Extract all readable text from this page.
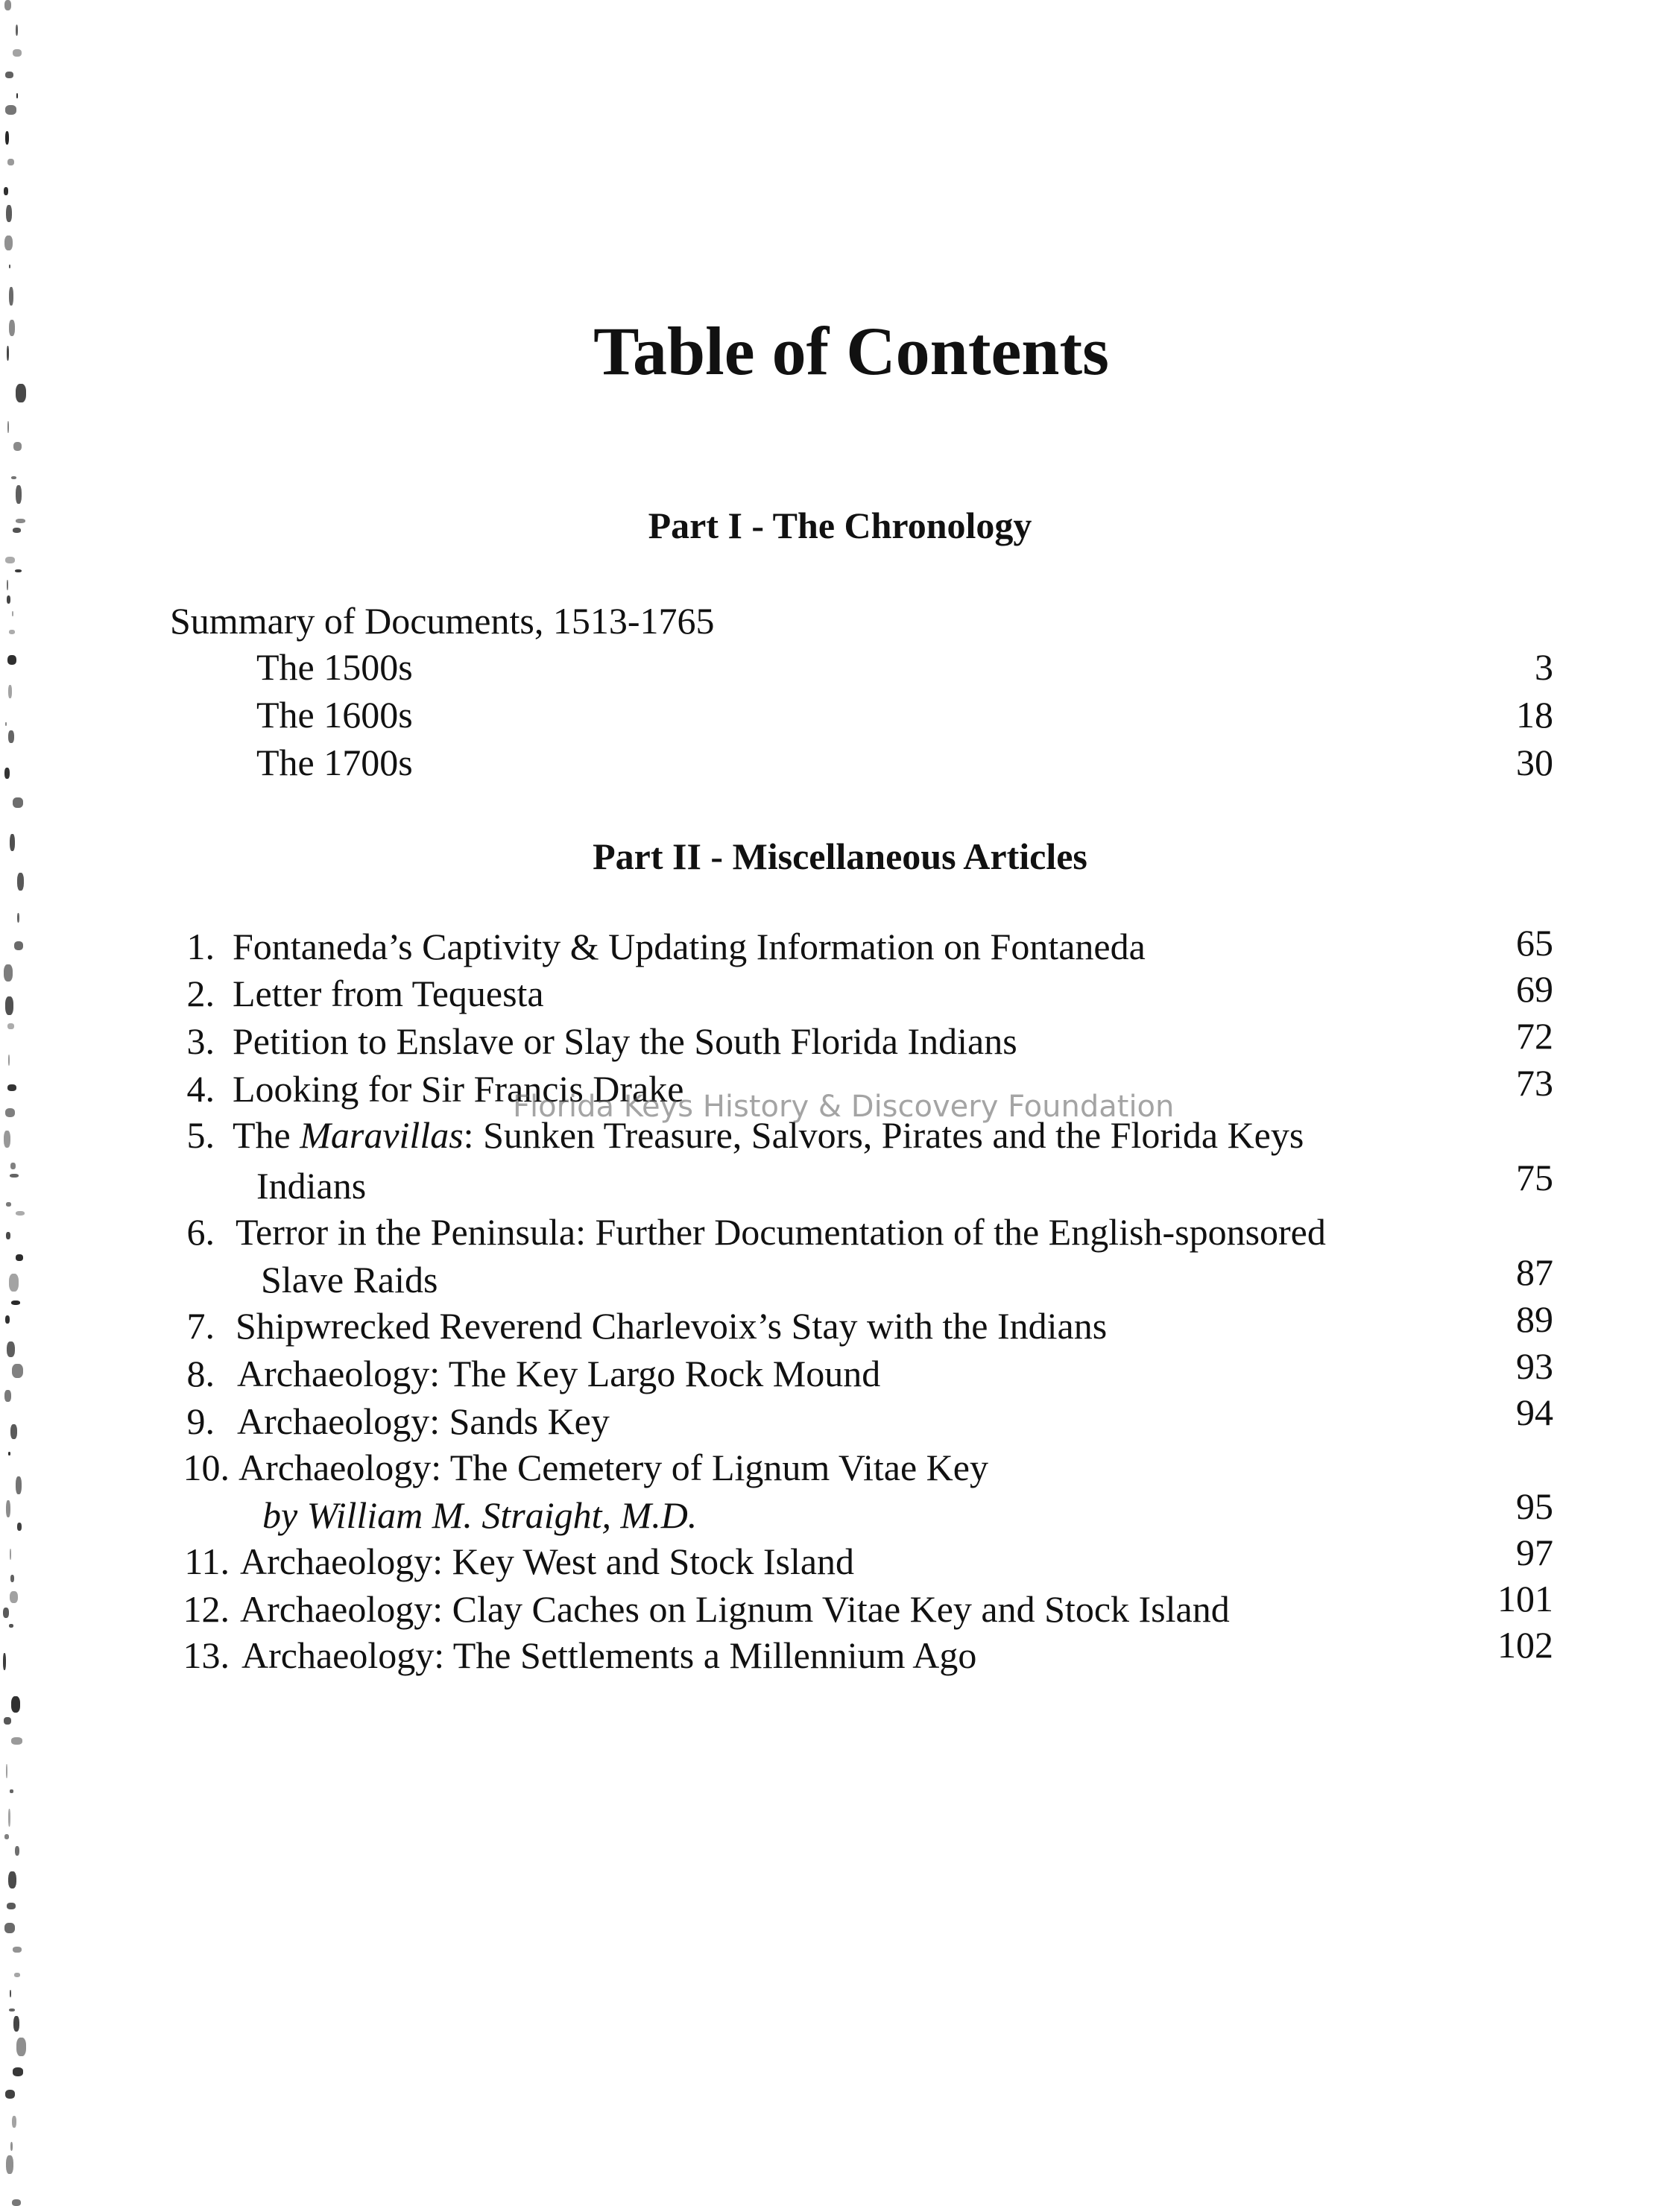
Table of Contents
Part I - The Chronology
Summary of Documents, 1513-1765
The 1500s	3
The 1600s	18
The 1700s	30
Part II - Miscellaneous Articles
1. Fontaneda’s Captivity & Updating Information on Fontaneda	65
2. Letter from Tequesta	69
3. Petition to Enslave or Slay the South Florida Indians	72
4. Looking for Sir Francis Drake	73
5. The Maravillas: Sunken Treasure, Salvors, Pirates and the Florida Keys
Indians	75
6. Terror in the Peninsula: Further Documentation of the English-sponsored
Slave Raids	87
7. Shipwrecked Reverend Charlevoix’s Stay with the Indians	89
8. Archaeology: The Key Largo Rock Mound	93
9. Archaeology: Sands Key	94
10. Archaeology: The Cemetery of Lignum Vitae Key
by William M. Straight, M.D.	95
11. Archaeology: Key West and Stock Island	97
12. Archaeology: Clay Caches on Lignum Vitae Key and Stock Island	101
13. Archaeology: The Settlements a Millennium Ago	102
Florida Keys History & Discovery Foundation
